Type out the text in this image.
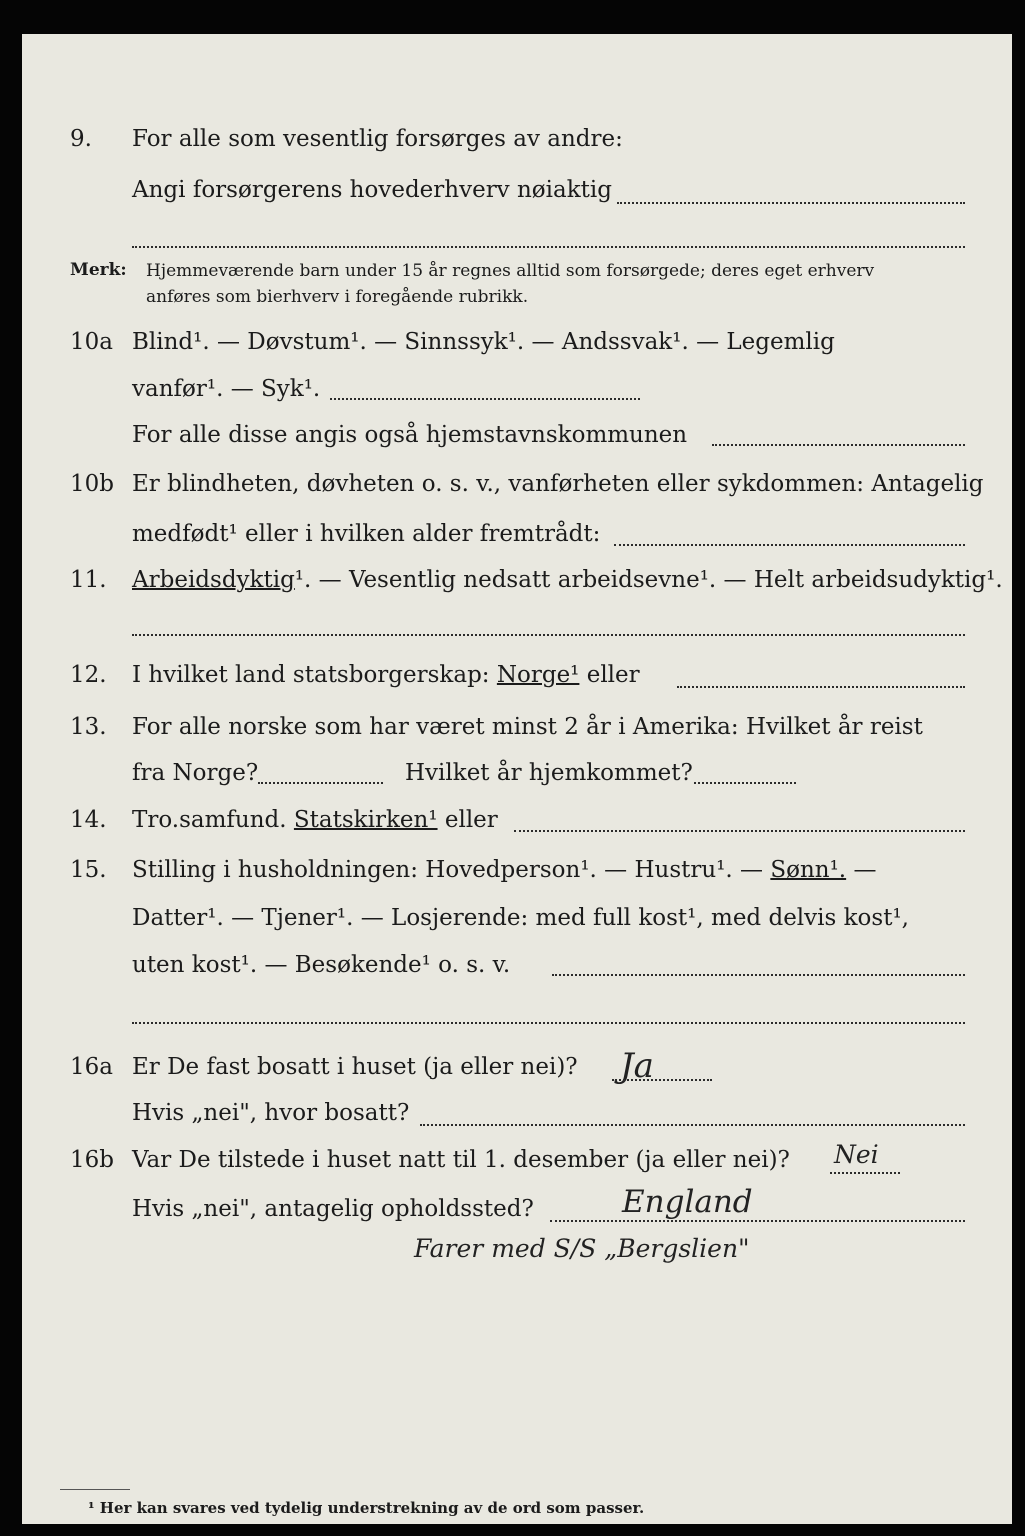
9. For alle som vesentlig forsørges av andre:
Angi forsørgerens hovederhverv nøiaktig
Merk: Hjemmeværende barn under 15 år regnes alltid som forsørgede; deres eget erhverv
anføres som bierhverv i foregående rubrikk.
10a Blind¹. — Døvstum¹. — Sinnssyk¹. — Andssvak¹. — Legemlig
vanfør¹. — Syk¹.
For alle disse angis også hjemstavnskommunen
10b Er blindheten, døvheten o. s. v., vanførheten eller sykdommen: Antagelig
medfødt¹ eller i hvilken alder fremtrådt:
11. Arbeidsdyktig¹. — Vesentlig nedsatt arbeidsevne¹. — Helt arbeidsudyktig¹.
12. I hvilket land statsborgerskap: Norge¹ eller
13. For alle norske som har været minst 2 år i Amerika: Hvilket år reist
fra Norge?	Hvilket år hjemkommet?
14. Tro.samfund. Statskirken¹ eller
15. Stilling i husholdningen: Hovedperson¹. — Hustru¹. — Sønn¹. —
Datter¹. — Tjener¹. — Losjerende: med full kost¹, med delvis kost¹,
uten kost¹. — Besøkende¹ o. s. v.
16a Er De fast bosatt i huset (ja eller nei)? Ja
Hvis „nei", hvor bosatt?
16b Var De tilstede i huset natt til 1. desember (ja eller nei)? Nei
Hvis „nei", antagelig opholdssted?	England
Farer med S/S „Bergslien"
¹ Her kan svares ved tydelig understrekning av de ord som passer.
